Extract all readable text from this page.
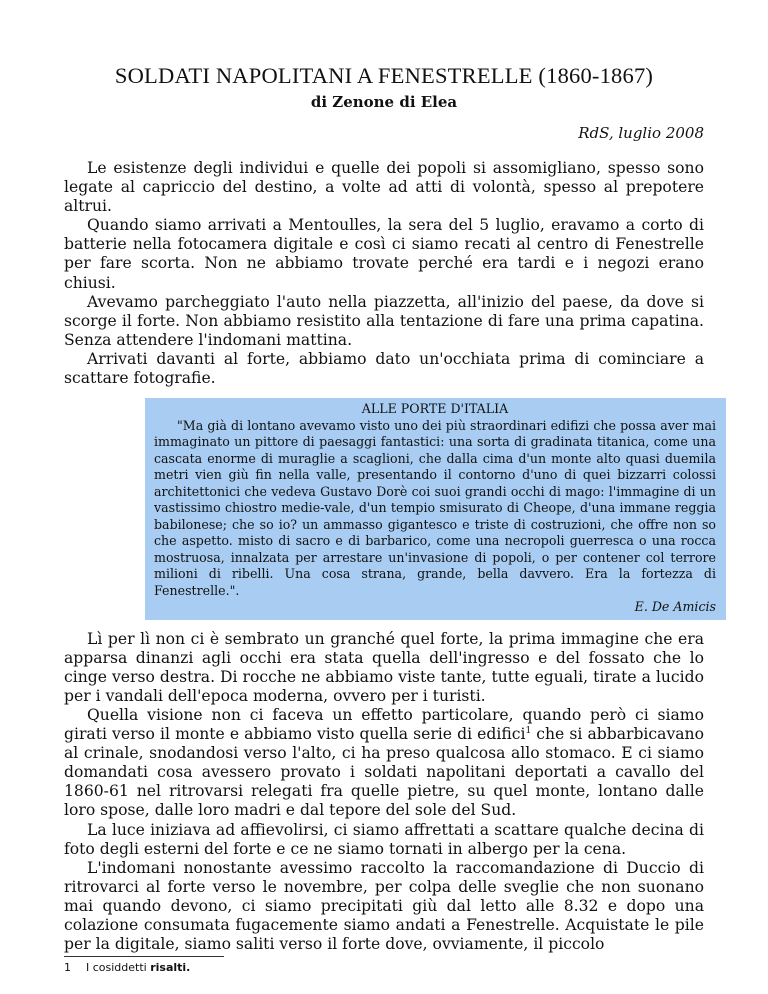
SOLDATI NAPOLITANI A FENESTRELLE (1860-1867)
di Zenone di Elea
RdS, luglio 2008

Le esistenze degli individui e quelle dei popoli si assomigliano, spesso sono legate al capriccio del destino, a volte ad atti di volontà, spesso al prepotere altrui.

Quando siamo arrivati a Mentoulles, la sera del 5 luglio, eravamo a corto di batterie nella fotocamera digitale e così ci siamo recati al centro di Fenestrelle per fare scorta. Non ne abbiamo trovate perché era tardi e i negozi erano chiusi.

Avevamo parcheggiato l'auto nella piazzetta, all'inizio del paese, da dove si scorge il forte. Non abbiamo resistito alla tentazione di fare una prima capatina. Senza attendere l'indomani mattina.

Arrivati davanti al forte, abbiamo dato un'occhiata prima di cominciare a scattare fotografie.

ALLE PORTE D'ITALIA
"Ma già di lontano avevamo visto uno dei più straordinari edifizi che possa aver mai immaginato un pittore di paesaggi fantastici: una sorta di gradinata titanica, come una cascata enorme di muraglie a scaglioni, che dalla cima d'un monte alto quasi duemila metri vien giù fin nella valle, presentando il contorno d'uno di quei bizzarri colossi architettonici che vedeva Gustavo Dorè coi suoi grandi occhi di mago: l'immagine di un vastissimo chiostro medie-vale, d'un tempio smisurato di Cheope, d'una immane reggia babilonese; che so io? un ammasso gigantesco e triste di costruzioni, che offre non so che aspetto. misto di sacro e di barbarico, come una necropoli guerresca o una rocca mostruosa, innalzata per arrestare un'invasione di popoli, o per contener col terrore milioni di ribelli. Una cosa strana, grande, bella davvero. Era la fortezza di Fenestrelle.".
E. De Amicis

Lì per lì non ci è sembrato un granché quel forte, la prima immagine che era apparsa dinanzi agli occhi era stata quella dell'ingresso e del fossato che lo cinge verso destra. Di rocche ne abbiamo viste tante, tutte eguali, tirate a lucido per i vandali dell'epoca moderna, ovvero per i turisti.

Quella visione non ci faceva un effetto particolare, quando però ci siamo girati verso il monte e abbiamo visto quella serie di edifici$^1$ che si abbarbicavano al crinale, snodandosi verso l'alto, ci ha preso qualcosa allo stomaco. E ci siamo domandati cosa avessero provato i soldati napolitani deportati a cavallo del 1860-61 nel ritrovarsi relegati fra quelle pietre, su quel monte, lontano dalle loro spose, dalle loro madri e dal tepore del sole del Sud.

La luce iniziava ad affievolirsi, ci siamo affrettati a scattare qualche decina di foto degli esterni del forte e ce ne siamo tornati in albergo per la cena.

L'indomani nonostante avessimo raccolto la raccomandazione di Duccio di ritrovarci al forte verso le novembre, per colpa delle sveglie che non suonano mai quando devono, ci siamo precipitati giù dal letto alle 8.32 e dopo una colazione consumata fugacemente siamo andati a Fenestrelle. Acquistate le pile per la digitale, siamo saliti verso il forte dove, ovviamente, il piccolo

1 I cosiddetti risalti.
